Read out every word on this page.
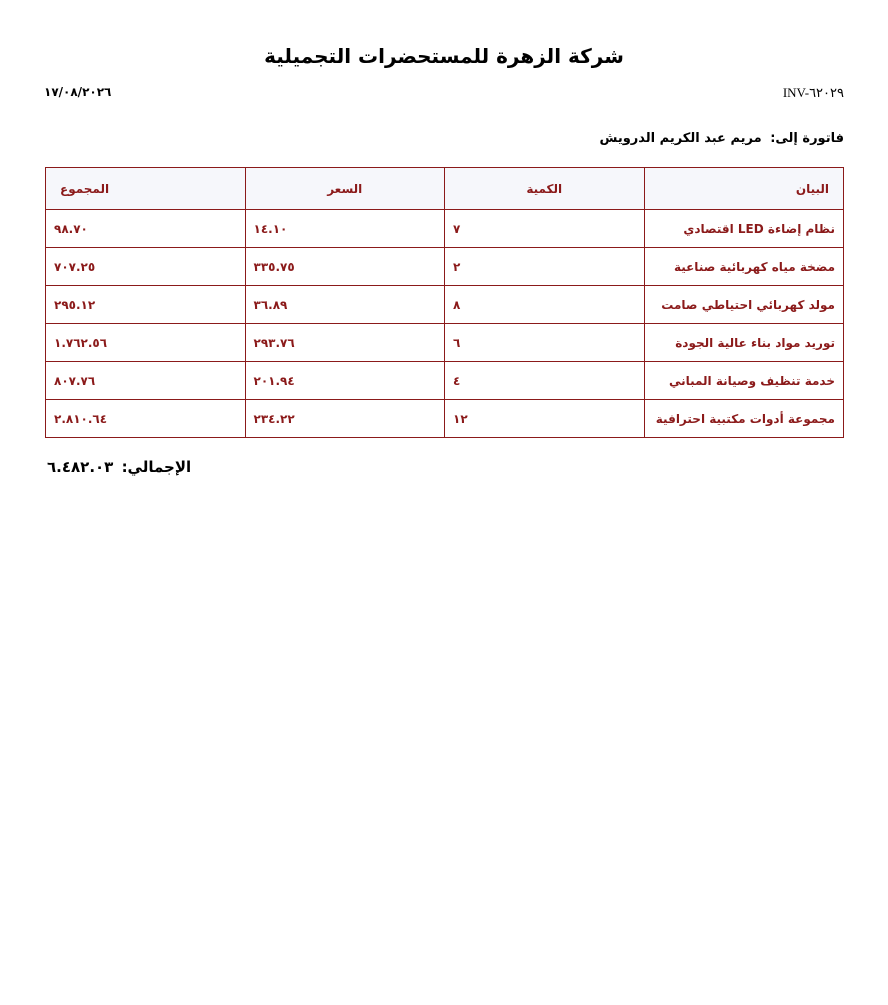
شركة الزهرة للمستحضرات التجميلية
١٧/٠٨/٢٠٢٦	INV-٦٢٠٢٩
فاتورة إلى: مريم عبد الكريم الدرويش
البيان	الكمية	السعر	المجموع
نظام إضاءة LED اقتصادي	٧	١٤.١٠	٩٨.٧٠
مضخة مياه كهربائية صناعية	٢	٣٣٥.٧٥	٧٠٧.٢٥
مولد كهربائي احتياطي صامت	٨	٣٦.٨٩	٢٩٥.١٢
توريد مواد بناء عالية الجودة	٦	٢٩٣.٧٦	١.٧٦٢.٥٦
خدمة تنظيف وصيانة المباني	٤	٢٠١.٩٤	٨٠٧.٧٦
مجموعة أدوات مكتبية احترافية	١٢	٢٣٤.٢٢	٢.٨١٠.٦٤
الإجمالي: ٦.٤٨٢.٠٣
